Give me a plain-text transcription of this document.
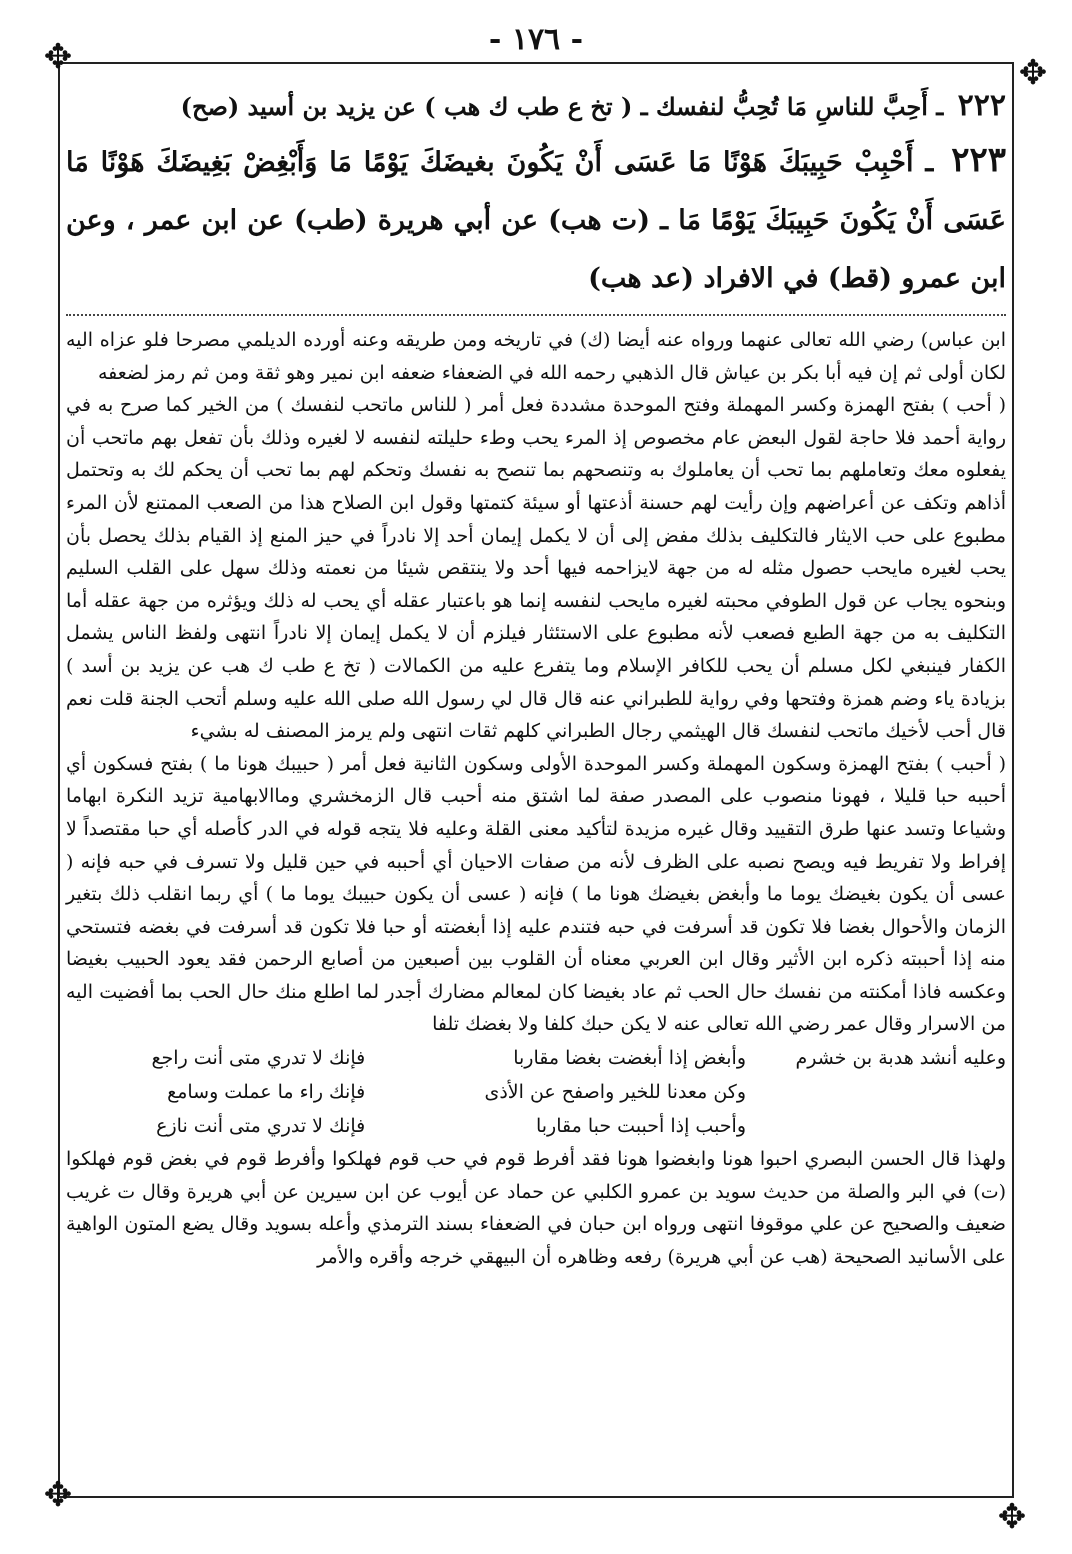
- ١٧٦ -
✥	✥
✥
✥
٢٢٢ ـ أَحِبَّ للناسِ مَا تُحِبُّ لنفسك ـ ( تخ ع طب ك هب ) عن يزيد بن أسيد (صح)
٢٢٣ ـ أَحْبِبْ حَبِيبَكَ هَوْنًا مَا عَسَى أَنْ يَكُونَ بغيضَكَ يَوْمًا مَا وَأَبْغِضْ بَغِيضَكَ هَوْنًا مَا عَسَى أَنْ يَكُونَ حَبِيبَكَ يَوْمًا مَا ـ (ت هب) عن أبي هريرة (طب) عن ابن عمر ، وعن ابن عمرو (قط) في الافراد (عد هب)

ابن عباس) رضي الله تعالى عنهما ورواه عنه أيضا (ك) في تاريخه ومن طريقه وعنه أورده الديلمي مصرحا فلو عزاه اليه لكان أولى ثم إن فيه أبا بكر بن عياش قال الذهبي رحمه الله في الضعفاء ضعفه ابن نمير وهو ثقة ومن ثم رمز لضعفه

( أحب ) بفتح الهمزة وكسر المهملة وفتح الموحدة مشددة فعل أمر ( للناس ماتحب لنفسك ) من الخير كما صرح به في رواية أحمد فلا حاجة لقول البعض عام مخصوص إذ المرء يحب وطء حليلته لنفسه لا لغيره وذلك بأن تفعل بهم ماتحب أن يفعلوه معك وتعاملهم بما تحب أن يعاملوك به وتنصحهم بما تنصح به نفسك وتحكم لهم بما تحب أن يحكم لك به وتحتمل أذاهم وتكف عن أعراضهم وإن رأيت لهم حسنة أذعتها أو سيئة كتمتها وقول ابن الصلاح هذا من الصعب الممتنع لأن المرء مطبوع على حب الايثار فالتكليف بذلك مفض إلى أن لا يكمل إيمان أحد إلا نادراً في حيز المنع إذ القيام بذلك يحصل بأن يحب لغيره مايحب حصول مثله له من جهة لايزاحمه فيها أحد ولا ينتقص شيئا من نعمته وذلك سهل على القلب السليم وبنحوه يجاب عن قول الطوفي محبته لغيره مايحب لنفسه إنما هو باعتبار عقله أي يحب له ذلك ويؤثره من جهة عقله أما التكليف به من جهة الطبع فصعب لأنه مطبوع على الاستئثار فيلزم أن لا يكمل إيمان إلا نادراً انتهى ولفظ الناس يشمل الكفار فينبغي لكل مسلم أن يحب للكافر الإسلام وما يتفرع عليه من الكمالات ( تخ ع طب ك هب عن يزيد بن أسد ) بزيادة ياء وضم همزة وفتحها وفي رواية للطبراني عنه قال قال لي رسول الله صلى الله عليه وسلم أتحب الجنة قلت نعم قال أحب لأخيك ماتحب لنفسك قال الهيثمي رجال الطبراني كلهم ثقات انتهى ولم يرمز المصنف له بشيء

( أحبب ) بفتح الهمزة وسكون المهملة وكسر الموحدة الأولى وسكون الثانية فعل أمر ( حبيبك هونا ما ) بفتح فسكون أي أحببه حبا قليلا ، فهونا منصوب على المصدر صفة لما اشتق منه أحبب قال الزمخشري وماالابهامية تزيد النكرة ابهاما وشياعا وتسد عنها طرق التقييد وقال غيره مزيدة لتأكيد معنى القلة وعليه فلا يتجه قوله في الدر كأصله أي حبا مقتصداً لا إفراط ولا تفريط فيه ويصح نصبه على الظرف لأنه من صفات الاحيان أي أحببه في حين قليل ولا تسرف في حبه فإنه ( عسى أن يكون بغيضك يوما ما وأبغض بغيضك هونا ما ) فإنه ( عسى أن يكون حبيبك يوما ما ) أي ربما انقلب ذلك بتغير الزمان والأحوال بغضا فلا تكون قد أسرفت في حبه فتندم عليه إذا أبغضته أو حبا فلا تكون قد أسرفت في بغضه فتستحي منه إذا أحببته ذكره ابن الأثير وقال ابن العربي معناه أن القلوب بين أصبعين من أصابع الرحمن فقد يعود الحبيب بغيضا وعكسه فاذا أمكنته من نفسك حال الحب ثم عاد بغيضا كان لمعالم مضارك أجدر لما اطلع منك حال الحب بما أفضيت اليه من الاسرار وقال عمر رضي الله تعالى عنه لا يكن حبك كلفا ولا بغضك تلفا

وعليه أنشد هدبة بن خشرم	وأبغض إذا أبغضت بغضا مقاربا	فإنك لا تدري متى أنت راجع
	وكن معدنا للخير واصفح عن الأذى	فإنك راء ما عملت وسامع
	وأحبب إذا أحببت حبا مقاربا	فإنك لا تدري متى أنت نازع

ولهذا قال الحسن البصري احبوا هونا وابغضوا هونا فقد أفرط قوم في حب قوم فهلكوا وأفرط قوم في بغض قوم فهلكوا (ت) في البر والصلة من حديث سويد بن عمرو الكلبي عن حماد عن أيوب عن ابن سيرين عن أبي هريرة وقال ت غريب ضعيف والصحيح عن علي موقوفا انتهى ورواه ابن حبان في الضعفاء بسند الترمذي وأعله بسويد وقال يضع المتون الواهية على الأسانيد الصحيحة (هب عن أبي هريرة) رفعه وظاهره أن البيهقي خرجه وأقره والأمر
